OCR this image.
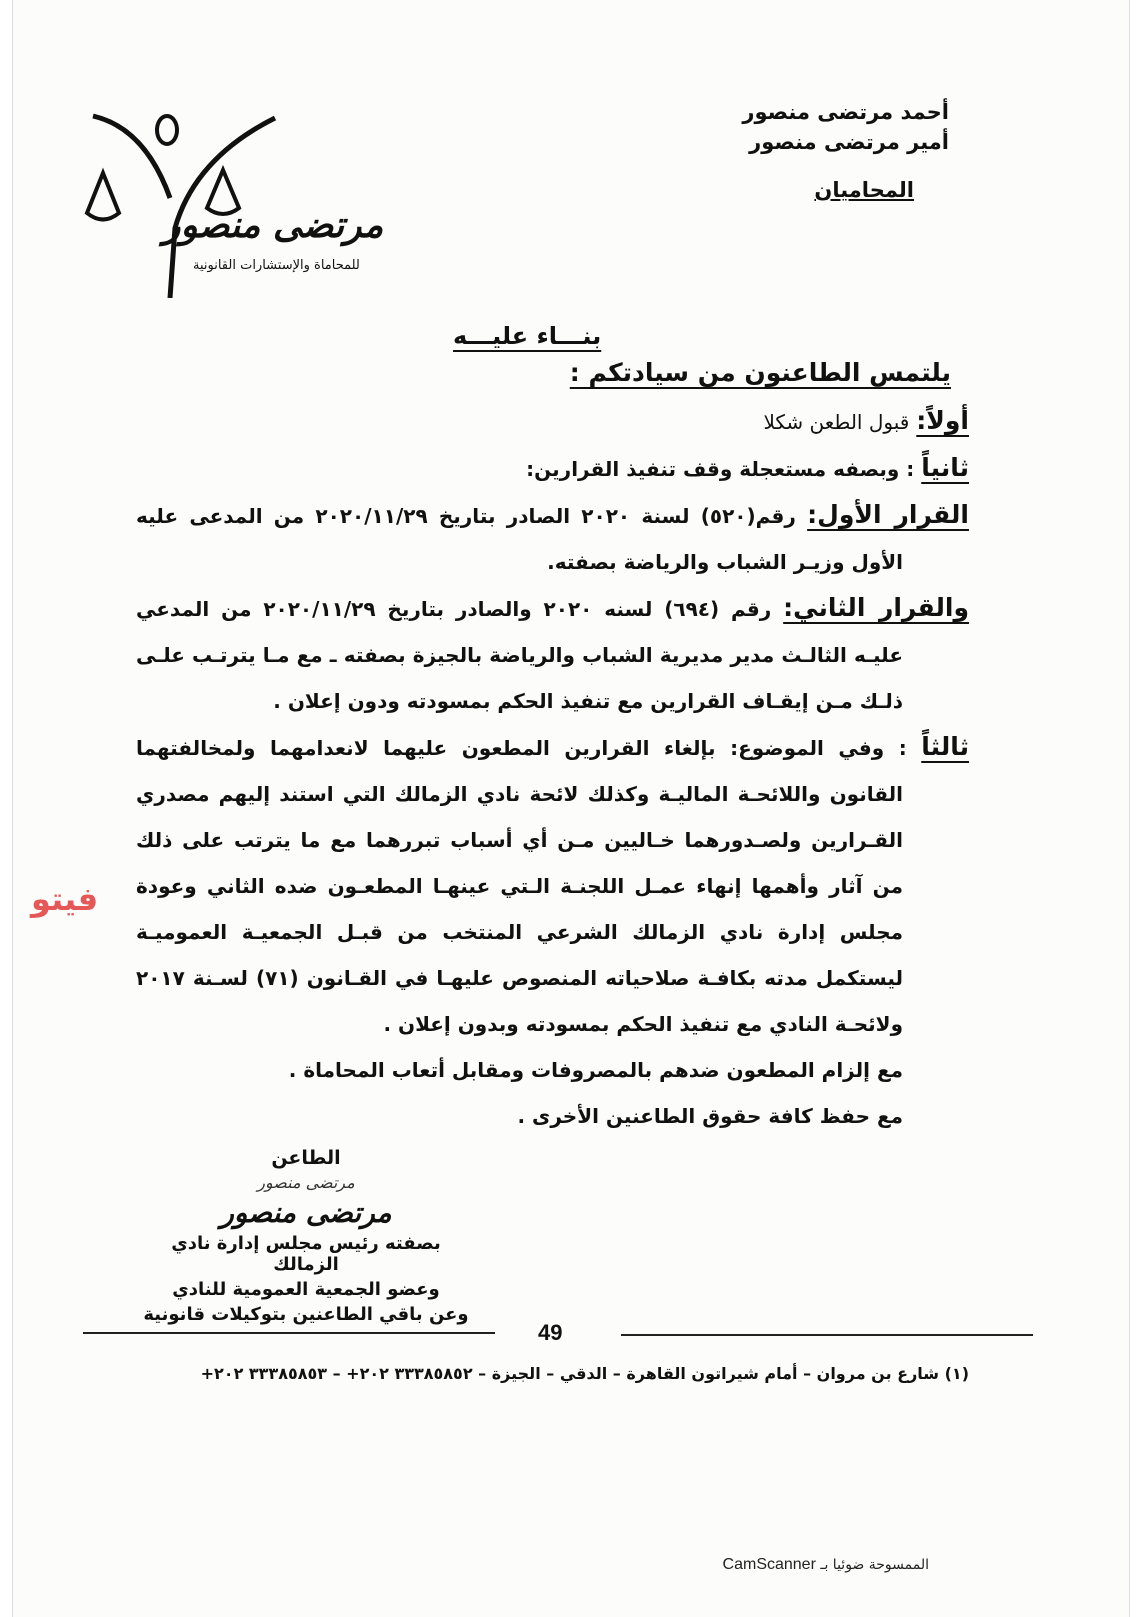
أحمد مرتضى منصور
أمير مرتضى منصور
المحاميان
مرتضى منصور
للمحاماة والإستشارات القانونية
بنـــاء عليـــه
يلتمس الطاعنون من سيادتكم :

أولاً: قبول الطعن شكلا

ثانياً : وبصفه مستعجلة وقف تنفيذ القرارين:

القرار الأول: رقم(٥٢٠) لسنة ٢٠٢٠ الصادر بتاريخ ٢٠٢٠/١١/٢٩ من المدعى عليه الأول وزيـر الشباب والرياضة بصفته.

والقرار الثاني: رقم (٦٩٤) لسنه ٢٠٢٠ والصادر بتاريخ ٢٠٢٠/١١/٢٩ من المدعي عليـه الثالـث مدير مديرية الشباب والرياضة بالجيزة بصفته ـ مع مـا يترتـب علـى ذلـك مـن إيقـاف القرارين مع تنفيذ الحكم بمسودته ودون إعلان .

ثالثاً : وفي الموضوع: بإلغاء القرارين المطعون عليهما لانعدامهما ولمخالفتهما القانون واللائحـة الماليـة وكذلك لائحة نادي الزمالك التي استند إليهم مصدري القـرارين ولصـدورهما خـاليين مـن أي أسباب تبررهما مع ما يترتب على ذلك من آثار وأهمها إنهاء عمـل اللجنـة الـتي عينهـا المطعـون ضده الثاني وعودة مجلس إدارة نادي الزمالك الشرعي المنتخب من قبـل الجمعيـة العموميـة ليستكمل مدته بكافـة صلاحياته المنصوص عليهـا في القـانون (٧١) لسـنة ٢٠١٧ ولائحـة النادي مع تنفيذ الحكم بمسودته وبدون إعلان .

مع إلزام المطعون ضدهم بالمصروفات ومقابل أتعاب المحاماة .

مع حفظ كافة حقوق الطاعنين الأخرى .

الطاعن
مرتضى منصور
مرتضى منصور
بصفته رئيس مجلس إدارة نادي الزمالك
وعضو الجمعية العمومية للنادي
وعن باقي الطاعنين بتوكيلات قانونية
فيتو
49
(١) شارع بن مروان – أمام شيراتون القاهرة – الدقي – الجيزة – ٣٣٣٨٥٨٥٢ ٢٠٢+ – ٣٣٣٨٥٨٥٣ ٢٠٢+
الممسوحة ضوئيا بـ CamScanner
